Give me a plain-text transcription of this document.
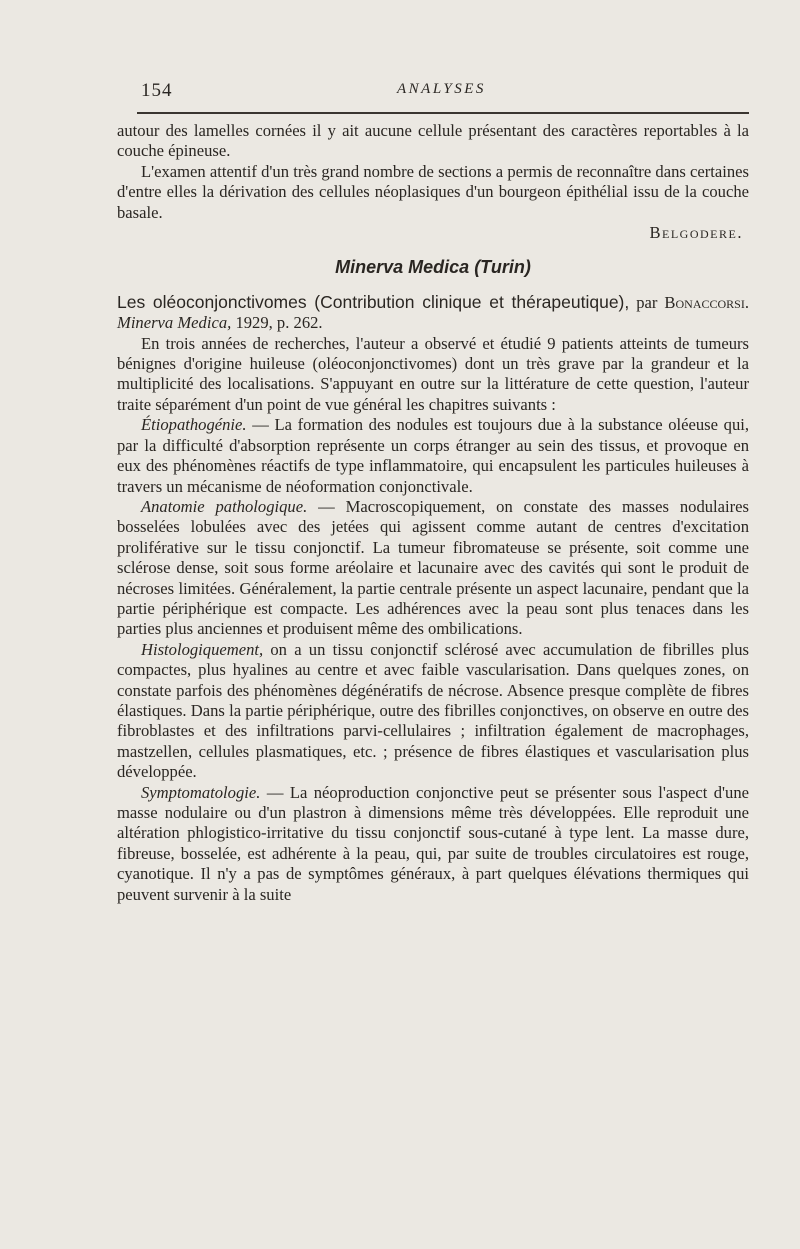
154	ANALYSES

autour des lamelles cornées il y ait aucune cellule présentant des caractères reportables à la couche épineuse.

L'examen attentif d'un très grand nombre de sections a permis de reconnaître dans certaines d'entre elles la dérivation des cellules néoplasiques d'un bourgeon épithélial issu de la couche basale.

Belgodere.

Minerva Medica (Turin)

Les oléoconjonctivomes (Contribution clinique et thérapeutique), par Bonaccorsi. Minerva Medica, 1929, p. 262.

En trois années de recherches, l'auteur a observé et étudié 9 patients atteints de tumeurs bénignes d'origine huileuse (oléoconjonctivomes) dont un très grave par la grandeur et la multiplicité des localisations. S'appuyant en outre sur la littérature de cette question, l'auteur traite séparément d'un point de vue général les chapitres suivants :

Étiopathogénie. — La formation des nodules est toujours due à la substance oléeuse qui, par la difficulté d'absorption représente un corps étranger au sein des tissus, et provoque en eux des phénomènes réactifs de type inflammatoire, qui encapsulent les particules huileuses à travers un mécanisme de néoformation conjonctivale.

Anatomie pathologique. — Macroscopiquement, on constate des masses nodulaires bosselées lobulées avec des jetées qui agissent comme autant de centres d'excitation proliférative sur le tissu conjonctif. La tumeur fibromateuse se présente, soit comme une sclérose dense, soit sous forme aréolaire et lacunaire avec des cavités qui sont le produit de nécroses limitées. Généralement, la partie centrale présente un aspect lacunaire, pendant que la partie périphérique est compacte. Les adhérences avec la peau sont plus tenaces dans les parties plus anciennes et produisent même des ombilications.

Histologiquement, on a un tissu conjonctif sclérosé avec accumulation de fibrilles plus compactes, plus hyalines au centre et avec faible vascularisation. Dans quelques zones, on constate parfois des phénomènes dégénératifs de nécrose. Absence presque complète de fibres élastiques. Dans la partie périphérique, outre des fibrilles conjonctives, on observe en outre des fibroblastes et des infiltrations parvi-cellulaires ; infiltration également de macrophages, mastzellen, cellules plasmatiques, etc. ; présence de fibres élastiques et vascularisation plus développée.

Symptomatologie. — La néoproduction conjonctive peut se présenter sous l'aspect d'une masse nodulaire ou d'un plastron à dimensions même très développées. Elle reproduit une altération phlogistico-irritative du tissu conjonctif sous-cutané à type lent. La masse dure, fibreuse, bosselée, est adhérente à la peau, qui, par suite de troubles circulatoires est rouge, cyanotique. Il n'y a pas de symptômes généraux, à part quelques élévations thermiques qui peuvent survenir à la suite
